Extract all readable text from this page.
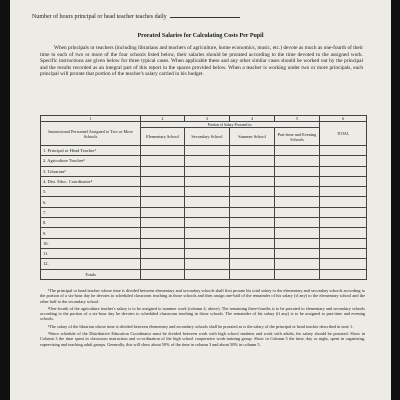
Number of hours principal or head teacher teaches daily
Prorated Salaries for Calculating Costs Per Pupil
When principals or teachers (including librarians and teachers of agriculture, home economics, music, etc.) devote as much as one-fourth of their time to each of two or more of the four schools listed below, their salaries should be prorated according to the time devoted to the assigned work. Specific instructions are given below for three typical cases. When applicable these and any other similar cases should be worked out by the principal and the results recorded as an integral part of this report in the spaces provided below. When a teacher is working under two or more principals, each principal will prorate that portion of the teacher's salary carried in his budget.
1	2	3	4	5	6
Instructional Personnel Assigned to Two or More Schools	Portion of Salary Prorated to:				TOTAL
	Elementary School	Secondary School	Summer School	Part-time and Evening Schools	
1. Principal or Head Teacher¹					
2. Agriculture Teacher²					
3. Librarian³					
4. Dist. Educ. Coordinator⁴					
5.					
6.					
7.					
8.					
9.					
10.					
11.					
12.					
Totals					

¹The principal or head teacher whose time is divided between elementary and secondary schools shall first prorate his total salary to the elementary and secondary schools according to the portion of a six-hour day he devotes to scheduled classroom teaching in those schools and then assign one-half of the remainder of his salary (if any) to the elementary school and the other half to the secondary school.

²One-fourth of the agriculture teacher's salary is to be assigned to summer work (column 4, above). The remaining three-fourths is to be prorated to elementary and secondary schools according to the portion of a six-hour day he devotes to scheduled classroom teaching in those schools. The remainder of his salary (if any) is to be assigned to part-time and evening schools.

³The salary of the librarian whose time is divided between elementary and secondary schools shall be prorated as is the salary of the principal or head teacher described in note 1.

⁴Since schedule of the Distributive Education Coordinator must be divided between work with high school students and work with adults, his salary should be prorated. Show in Column 3 the time spent in classroom instruction and co-ordination of the high school cooperative work-training group. Show in Column 5 the time, day or night, spent in organizing, supervising and teaching adult groups. Generally, this will show about 50% of the time in column 3 and about 50% in column 5.
